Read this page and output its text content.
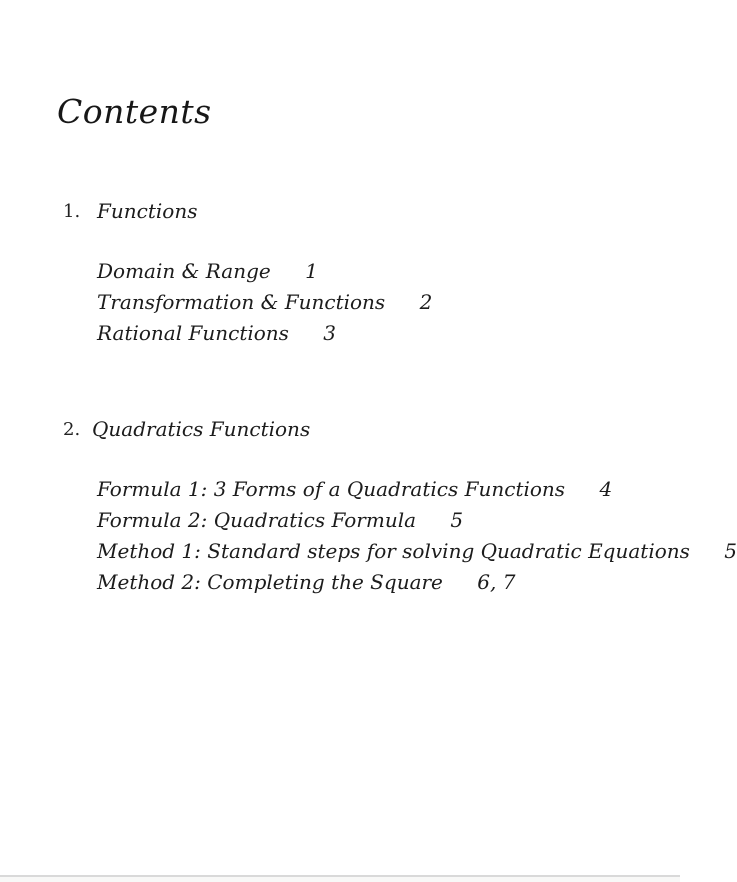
Contents
1. Functions
Domain & Range 1
Transformation & Functions 2
Rational Functions 3
2. Quadratics Functions
Formula 1: 3 Forms of a Quadratics Functions 4
Formula 2: Quadratics Formula 5
Method 1: Standard steps for solving Quadratic Equations 5
Method 2: Completing the Square 6, 7
